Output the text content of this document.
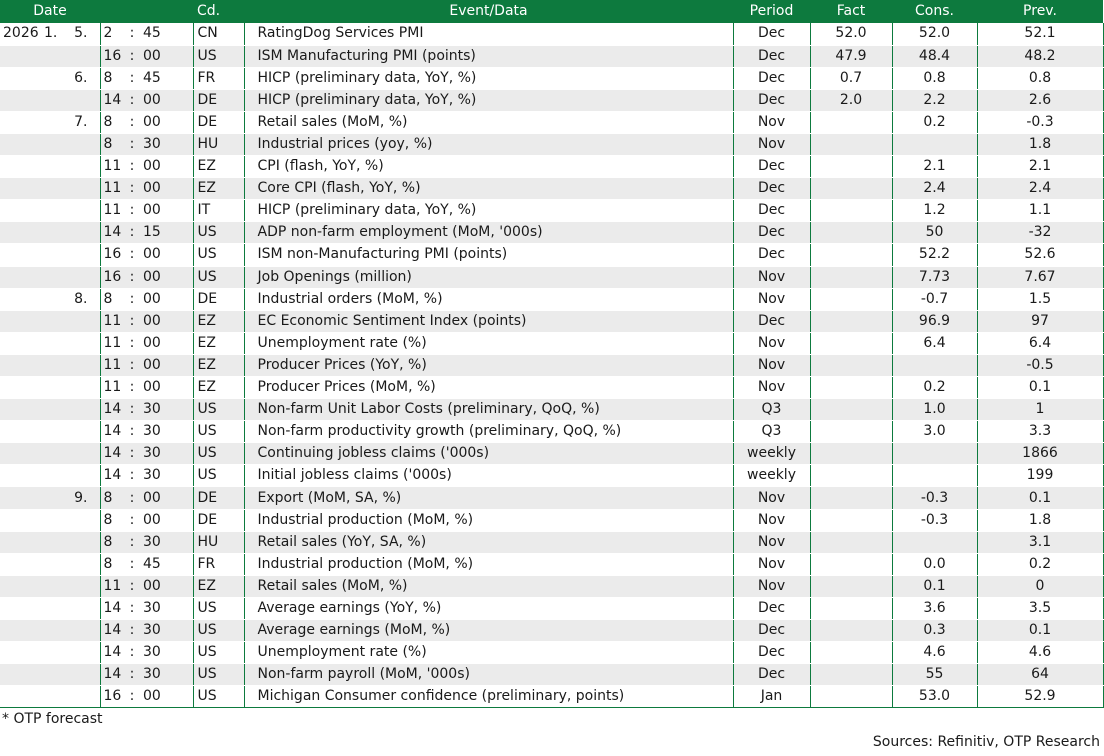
Date						Cd.	Event/Data	Period	Fact	Cons.	Prev.
2026	1.	5.	2	:	45	CN	RatingDog Services PMI	Dec	52.0	52.0	52.1
			16	:	00	US	ISM Manufacturing PMI (points)	Dec	47.9	48.4	48.2
		6.	8	:	45	FR	HICP (preliminary data, YoY, %)	Dec	0.7	0.8	0.8
			14	:	00	DE	HICP (preliminary data, YoY, %)	Dec	2.0	2.2	2.6
		7.	8	:	00	DE	Retail sales (MoM, %)	Nov		0.2	-0.3
			8	:	30	HU	Industrial prices (yoy, %)	Nov			1.8
			11	:	00	EZ	CPI (flash, YoY, %)	Dec		2.1	2.1
			11	:	00	EZ	Core CPI (flash, YoY, %)	Dec		2.4	2.4
			11	:	00	IT	HICP (preliminary data, YoY, %)	Dec		1.2	1.1
			14	:	15	US	ADP non-farm employment (MoM, '000s)	Dec		50	-32
			16	:	00	US	ISM non-Manufacturing PMI (points)	Dec		52.2	52.6
			16	:	00	US	Job Openings (million)	Nov		7.73	7.67
		8.	8	:	00	DE	Industrial orders (MoM, %)	Nov		-0.7	1.5
			11	:	00	EZ	EC Economic Sentiment Index (points)	Dec		96.9	97
			11	:	00	EZ	Unemployment rate (%)	Nov		6.4	6.4
			11	:	00	EZ	Producer Prices (YoY, %)	Nov			-0.5
			11	:	00	EZ	Producer Prices (MoM, %)	Nov		0.2	0.1
			14	:	30	US	Non-farm Unit Labor Costs (preliminary, QoQ, %)	Q3		1.0	1
			14	:	30	US	Non-farm productivity growth (preliminary, QoQ, %)	Q3		3.0	3.3
			14	:	30	US	Continuing jobless claims ('000s)	weekly			1866
			14	:	30	US	Initial jobless claims ('000s)	weekly			199
		9.	8	:	00	DE	Export (MoM, SA, %)	Nov		-0.3	0.1
			8	:	00	DE	Industrial production (MoM, %)	Nov		-0.3	1.8
			8	:	30	HU	Retail sales (YoY, SA, %)	Nov			3.1
			8	:	45	FR	Industrial production (MoM, %)	Nov		0.0	0.2
			11	:	00	EZ	Retail sales (MoM, %)	Nov		0.1	0
			14	:	30	US	Average earnings (YoY, %)	Dec		3.6	3.5
			14	:	30	US	Average earnings (MoM, %)	Dec		0.3	0.1
			14	:	30	US	Unemployment rate (%)	Dec		4.6	4.6
			14	:	30	US	Non-farm payroll (MoM, '000s)	Dec		55	64
			16	:	00	US	Michigan Consumer confidence (preliminary, points)	Jan		53.0	52.9
* OTP forecast
Sources: Refinitiv, OTP Research
